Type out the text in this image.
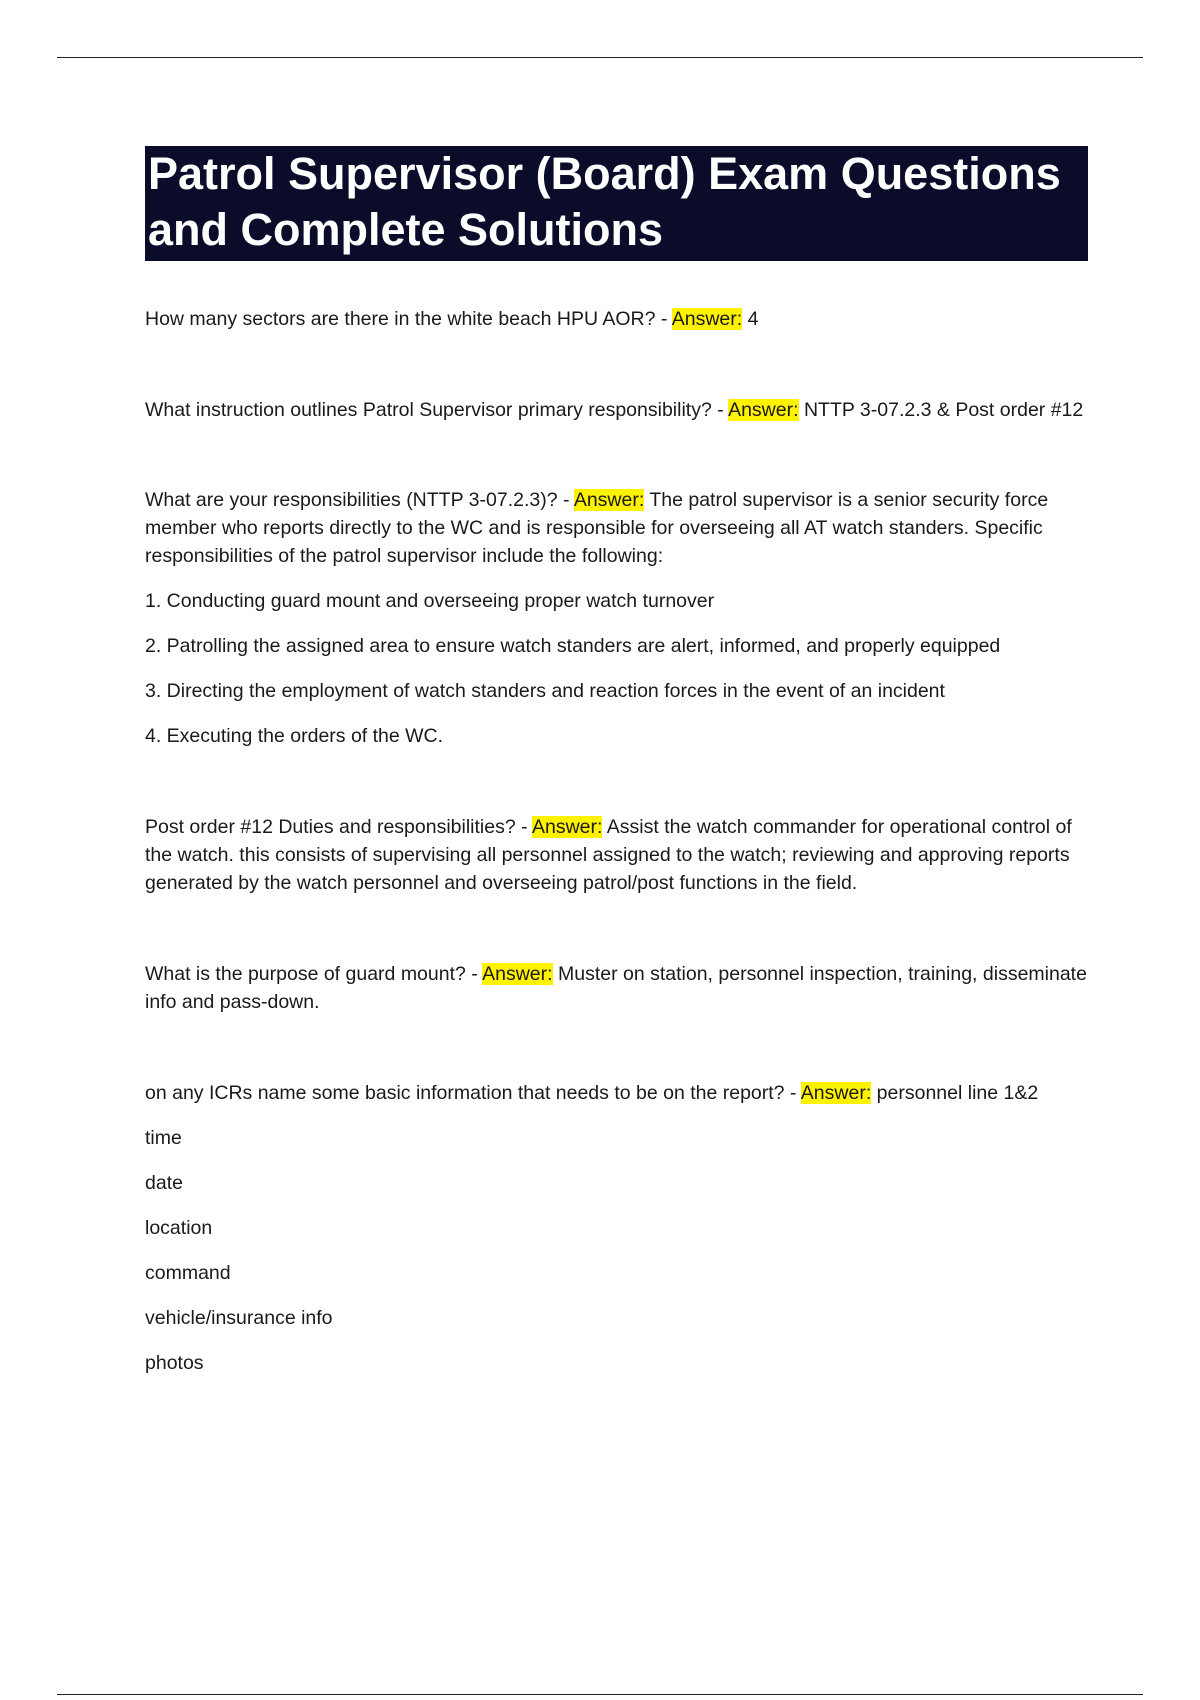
Patrol Supervisor (Board) Exam Questions and Complete Solutions

How many sectors are there in the white beach HPU AOR? - Answer: 4

What instruction outlines Patrol Supervisor primary responsibility? - Answer: NTTP 3-07.2.3 & Post order #12

What are your responsibilities (NTTP 3-07.2.3)? - Answer: The patrol supervisor is a senior security force member who reports directly to the WC and is responsible for overseeing all AT watch standers. Specific responsibilities of the patrol supervisor include the following:

1. Conducting guard mount and overseeing proper watch turnover

2. Patrolling the assigned area to ensure watch standers are alert, informed, and properly equipped

3. Directing the employment of watch standers and reaction forces in the event of an incident

4. Executing the orders of the WC.

Post order #12 Duties and responsibilities? - Answer: Assist the watch commander for operational control of the watch. this consists of supervising all personnel assigned to the watch; reviewing and approving reports generated by the watch personnel and overseeing patrol/post functions in the field.

What is the purpose of guard mount? - Answer: Muster on station, personnel inspection, training, disseminate info and pass-down.

on any ICRs name some basic information that needs to be on the report? - Answer: personnel line 1&2

time

date

location

command

vehicle/insurance info

photos
